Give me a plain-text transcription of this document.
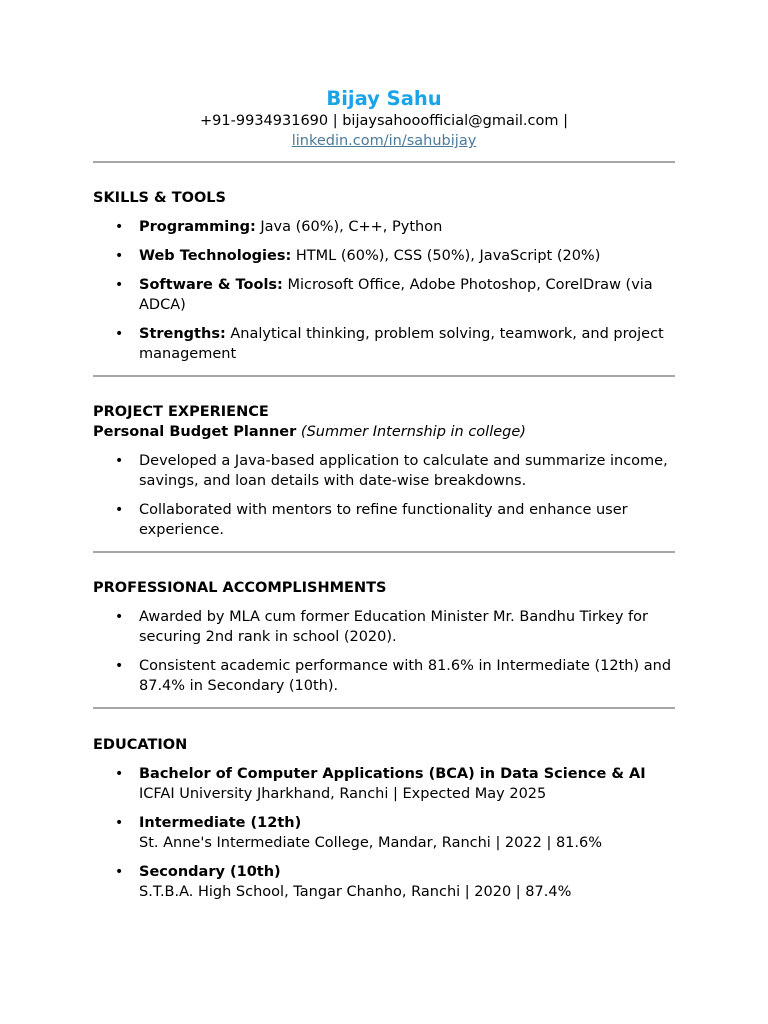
Bijay Sahu
+91-9934931690 | bijaysahooofficial@gmail.com |
linkedin.com/in/sahubijay
SKILLS & TOOLS
• Programming: Java (60%), C++, Python
• Web Technologies: HTML (60%), CSS (50%), JavaScript (20%)
• Software & Tools: Microsoft Office, Adobe Photoshop, CorelDraw (via ADCA)
• Strengths: Analytical thinking, problem solving, teamwork, and project management
PROJECT EXPERIENCE
Personal Budget Planner (Summer Internship in college)
• Developed a Java-based application to calculate and summarize income, savings, and loan details with date-wise breakdowns.
• Collaborated with mentors to refine functionality and enhance user experience.
PROFESSIONAL ACCOMPLISHMENTS
• Awarded by MLA cum former Education Minister Mr. Bandhu Tirkey for securing 2nd rank in school (2020).
• Consistent academic performance with 81.6% in Intermediate (12th) and 87.4% in Secondary (10th).
EDUCATION
• Bachelor of Computer Applications (BCA) in Data Science & AI
ICFAI University Jharkhand, Ranchi | Expected May 2025
• Intermediate (12th)
St. Anne's Intermediate College, Mandar, Ranchi | 2022 | 81.6%
• Secondary (10th)
S.T.B.A. High School, Tangar Chanho, Ranchi | 2020 | 87.4%
